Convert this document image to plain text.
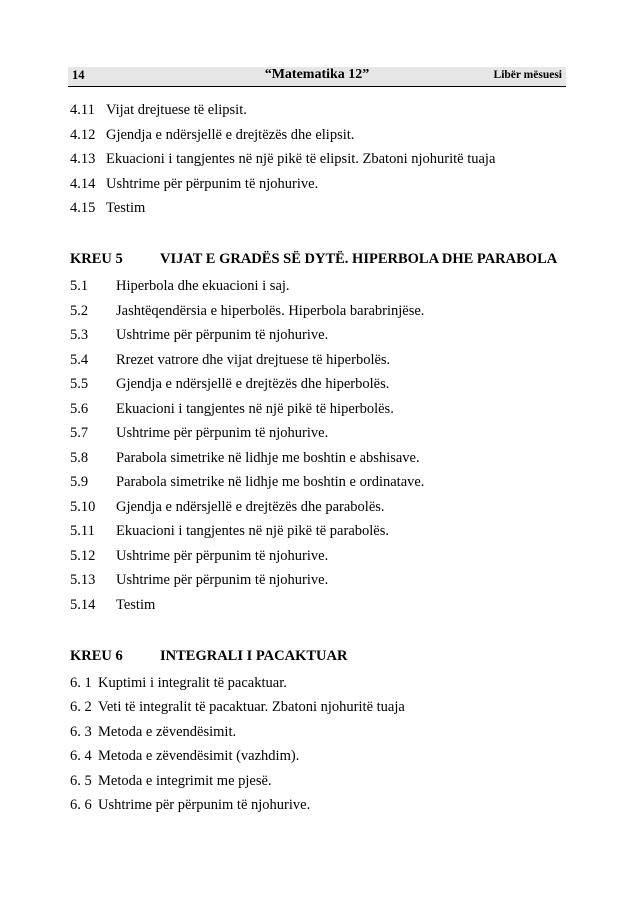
14	“Matematika 12”	Libër mësuesi
4.11 Vijat drejtuese të elipsit.
4.12 Gjendja e ndërsjellë e drejtëzës dhe elipsit.
4.13 Ekuacioni i tangjentes në një pikë të elipsit. Zbatoni njohuritë tuaja
4.14 Ushtrime për përpunim të njohurive.
4.15 Testim
KREU 5	VIJAT E GRADËS SË DYTË. HIPERBOLA DHE PARABOLA
5.1 Hiperbola dhe ekuacioni i saj.
5.2 Jashtëqendërsia e hiperbolës. Hiperbola barabrinjëse.
5.3 Ushtrime për përpunim të njohurive.
5.4 Rrezet vatrore dhe vijat drejtuese të hiperbolës.
5.5 Gjendja e ndërsjellë e drejtëzës dhe hiperbolës.
5.6 Ekuacioni i tangjentes në një pikë të hiperbolës.
5.7 Ushtrime për përpunim të njohurive.
5.8 Parabola simetrike në lidhje me boshtin e abshisave.
5.9 Parabola simetrike në lidhje me boshtin e ordinatave.
5.10 Gjendja e ndërsjellë e drejtëzës dhe parabolës.
5.11 Ekuacioni i tangjentes në një pikë të parabolës.
5.12 Ushtrime për përpunim të njohurive.
5.13 Ushtrime për përpunim të njohurive.
5.14 Testim
KREU 6	INTEGRALI I PACAKTUAR
6. 1 Kuptimi i integralit të pacaktuar.
6. 2 Veti të integralit të pacaktuar. Zbatoni njohuritë tuaja
6. 3 Metoda e zëvendësimit.
6. 4 Metoda e zëvendësimit (vazhdim).
6. 5 Metoda e integrimit me pjesë.
6. 6 Ushtrime për përpunim të njohurive.
